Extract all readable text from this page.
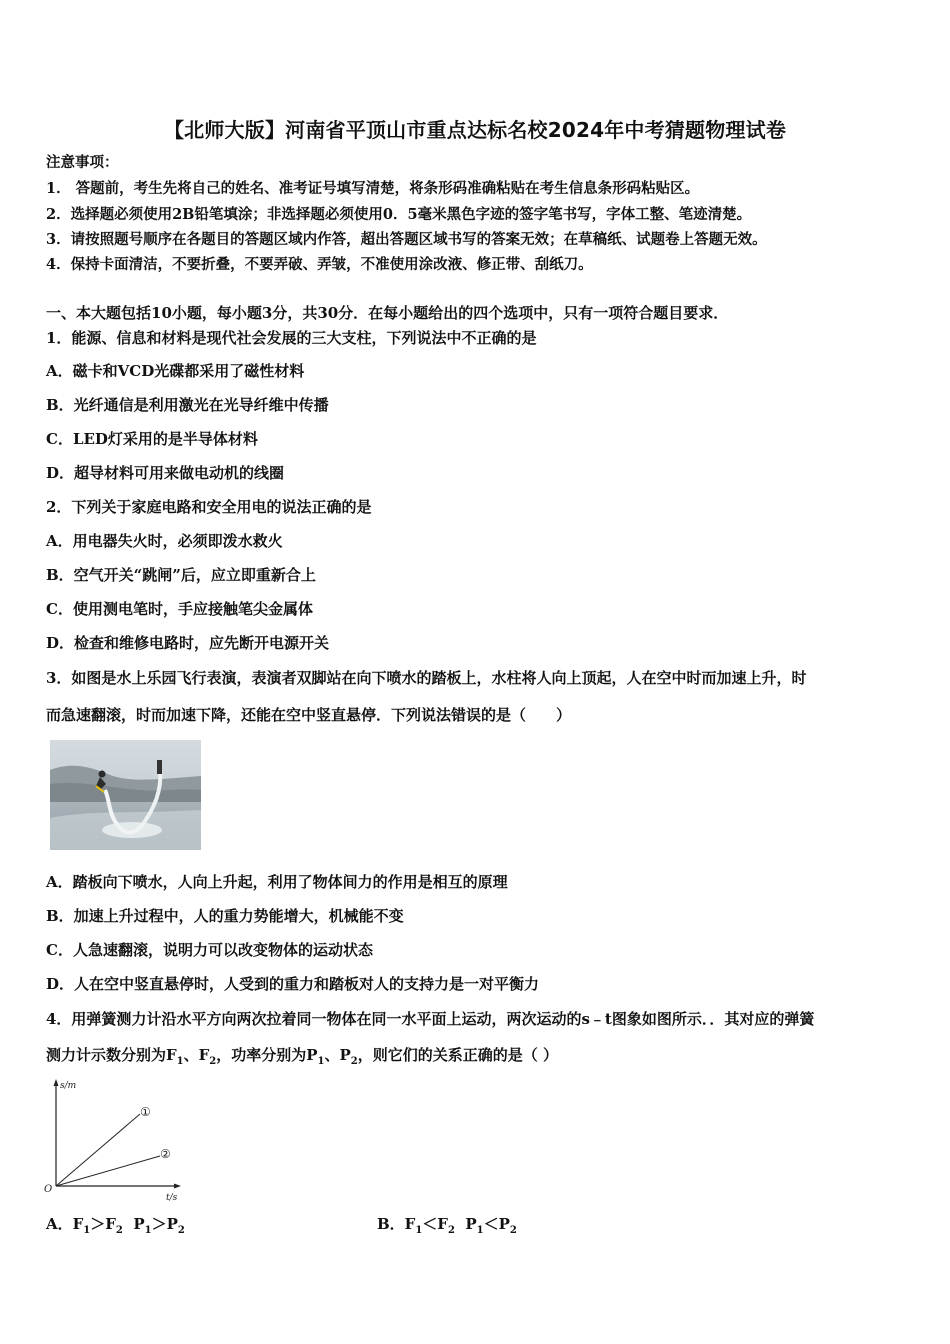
【北师大版】河南省平顶山市重点达标名校2024年中考猜题物理试卷
注意事项：
1． 答题前，考生先将自己的姓名、准考证号填写清楚，将条形码准确粘贴在考生信息条形码粘贴区。
2．选择题必须使用2B铅笔填涂；非选择题必须使用0．5毫米黑色字迹的签字笔书写，字体工整、笔迹清楚。
3．请按照题号顺序在各题目的答题区域内作答，超出答题区域书写的答案无效；在草稿纸、试题卷上答题无效。
4．保持卡面清洁，不要折叠，不要弄破、弄皱，不准使用涂改液、修正带、刮纸刀。
一、本大题包括10小题，每小题3分，共30分．在每小题给出的四个选项中，只有一项符合题目要求．
1．能源、信息和材料是现代社会发展的三大支柱，下列说法中不正确的是
A．磁卡和VCD光碟都采用了磁性材料
B．光纤通信是利用激光在光导纤维中传播
C．LED灯采用的是半导体材料
D．超导材料可用来做电动机的线圈
2．下列关于家庭电路和安全用电的说法正确的是
A．用电器失火时，必须即泼水救火
B．空气开关“跳闸”后，应立即重新合上
C．使用测电笔时，手应接触笔尖金属体
D．检查和维修电路时，应先断开电源开关
3．如图是水上乐园飞行表演，表演者双脚站在向下喷水的踏板上，水柱将人向上顶起，人在空中时而加速上升，时
而急速翻滚，时而加速下降，还能在空中竖直悬停．下列说法错误的是（　　）
A．踏板向下喷水，人向上升起，利用了物体间力的作用是相互的原理
B．加速上升过程中，人的重力势能增大，机械能不变
C．人急速翻滚，说明力可以改变物体的运动状态
D．人在空中竖直悬停时，人受到的重力和踏板对人的支持力是一对平衡力
4．用弹簧测力计沿水平方向两次拉着同一物体在同一水平面上运动，两次运动的s﹣t图象如图所示．．其对应的弹簧
测力计示数分别为$F_1$、$F_2$，功率分别为$P_1$、$P_2$，则它们的关系正确的是（ ）
s/m
t/s
O
①
②
A．$F_1>F_2$  $P_1>P_2$	B．$F_1<F_2$  $P_1<P_2$
